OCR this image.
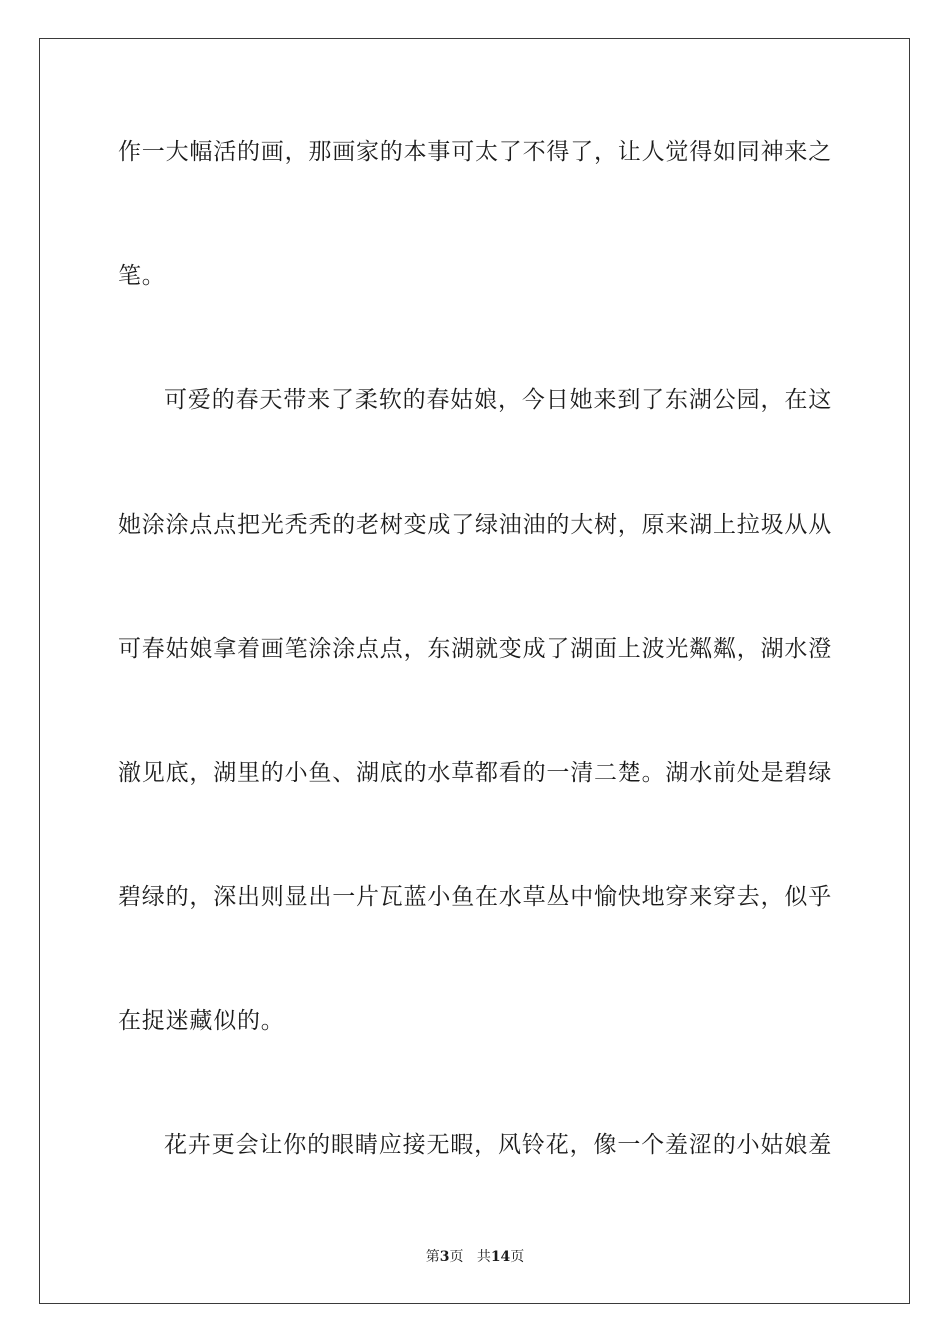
作一大幅活的画，那画家的本事可太了不得了，让人觉得如同神来之
笔。
可爱的春天带来了柔软的春姑娘，今日她来到了东湖公园，在这
她涂涂点点把光秃秃的老树变成了绿油油的大树，原来湖上拉圾从从
可春姑娘拿着画笔涂涂点点，东湖就变成了湖面上波光粼粼，湖水澄
澈见底，湖里的小鱼、湖底的水草都看的一清二楚。湖水前处是碧绿
碧绿的，深出则显出一片瓦蓝小鱼在水草丛中愉快地穿来穿去，似乎
在捉迷藏似的。
花卉更会让你的眼睛应接无暇，风铃花，像一个羞涩的小姑娘羞
第3页 共14页
